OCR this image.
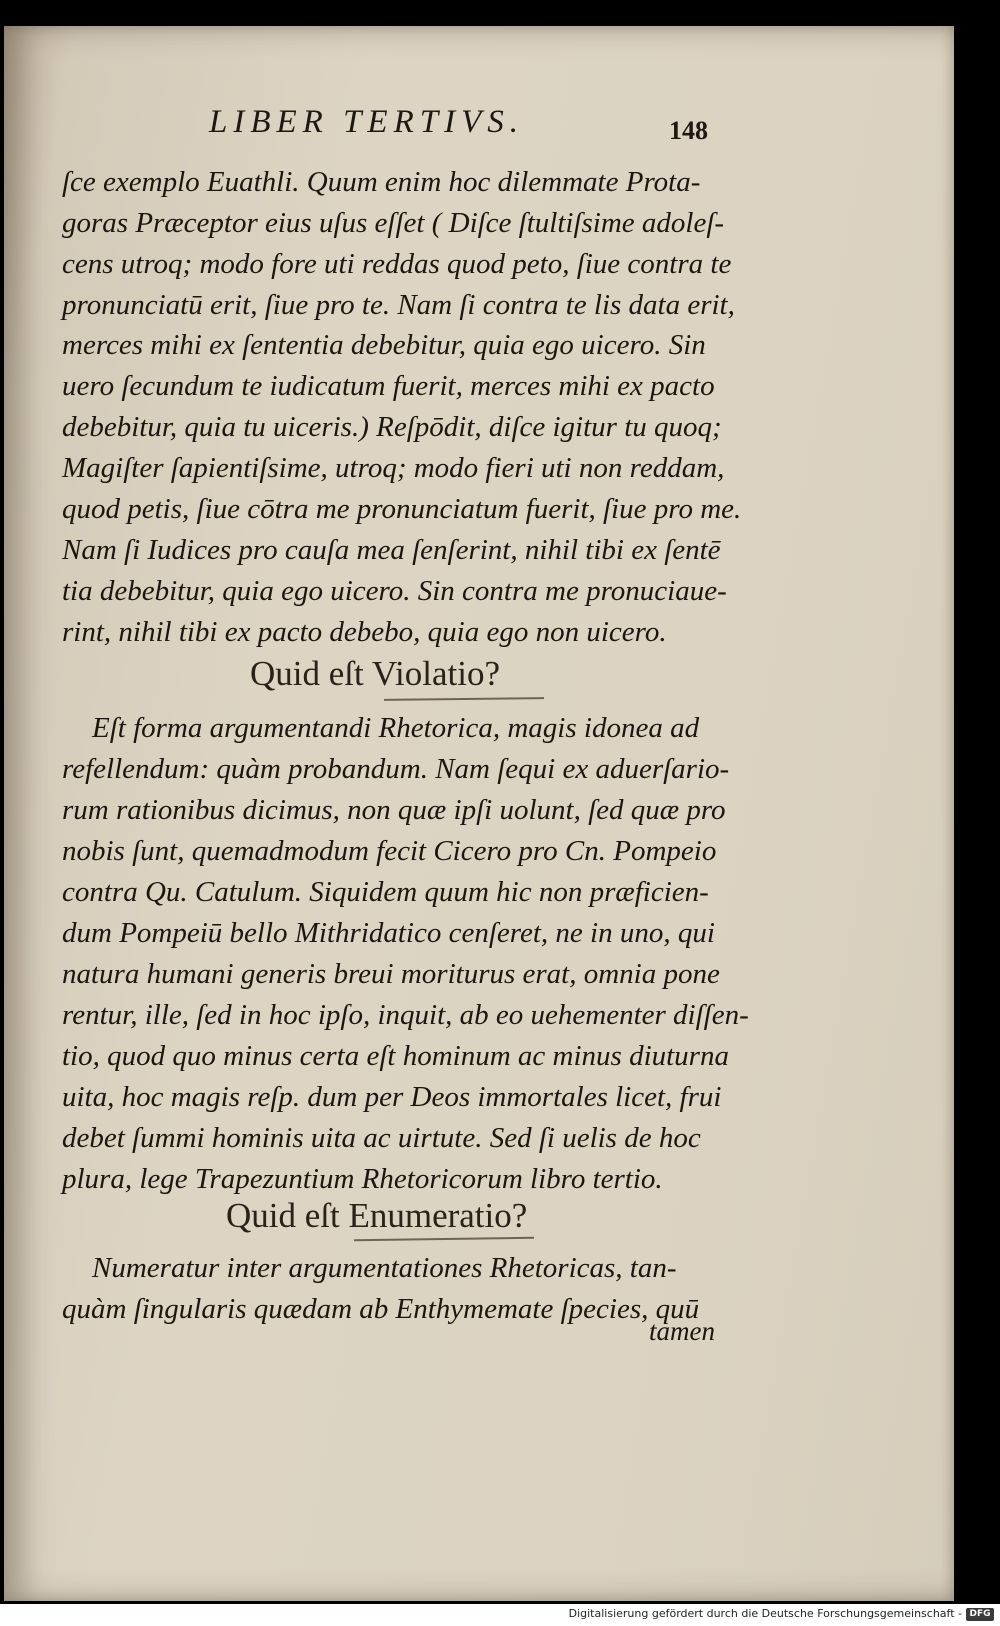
LIBER TERTIVS.	148
ſce exemplo Euathli. Quum enim hoc dilemmate Prota‑
goras Præceptor eius uſus eſſet ( Diſce ſtultiſsime adoleſ‑
cens utroq; modo fore uti reddas quod peto, ſiue contra te
pronunciatū erit, ſiue pro te. Nam ſi contra te lis data erit,
merces mihi ex ſententia debebitur, quia ego uicero. Sin
uero ſecundum te iudicatum fuerit, merces mihi ex pacto
debebitur, quia tu uiceris.) Reſpōdit, diſce igitur tu quoq;
Magiſter ſapientiſsime, utroq; modo fieri uti non reddam,
quod petis, ſiue cōtra me pronunciatum fuerit, ſiue pro me.
Nam ſi Iudices pro cauſa mea ſenſerint, nihil tibi ex ſentē
tia debebitur, quia ego uicero. Sin contra me pronuciaue‑
rint, nihil tibi ex pacto debebo, quia ego non uicero.
Quid eſt Violatio?
Eſt forma argumentandi Rhetorica, magis idonea ad
refellendum: quàm probandum. Nam ſequi ex aduerſario‑
rum rationibus dicimus, non quæ ipſi uolunt, ſed quæ pro
nobis ſunt, quemadmodum fecit Cicero pro Cn. Pompeio
contra Qu. Catulum. Siquidem quum hic non præficien‑
dum Pompeiū bello Mithridatico cenſeret, ne in uno, qui
natura humani generis breui moriturus erat, omnia pone
rentur, ille, ſed in hoc ipſo, inquit, ab eo uehementer diſſen‑
tio, quod quo minus certa eſt hominum ac minus diuturna
uita, hoc magis reſp. dum per Deos immortales licet, frui
debet ſummi hominis uita ac uirtute. Sed ſi uelis de hoc
plura, lege Trapezuntium Rhetoricorum libro tertio.
Quid eſt Enumeratio?
Numeratur inter argumentationes Rhetoricas, tan‑
quàm ſingularis quædam ab Enthymemate ſpecies, quū
tamen
Digitalisierung gefördert durch die Deutsche Forschungsgemeinschaft - DFG
